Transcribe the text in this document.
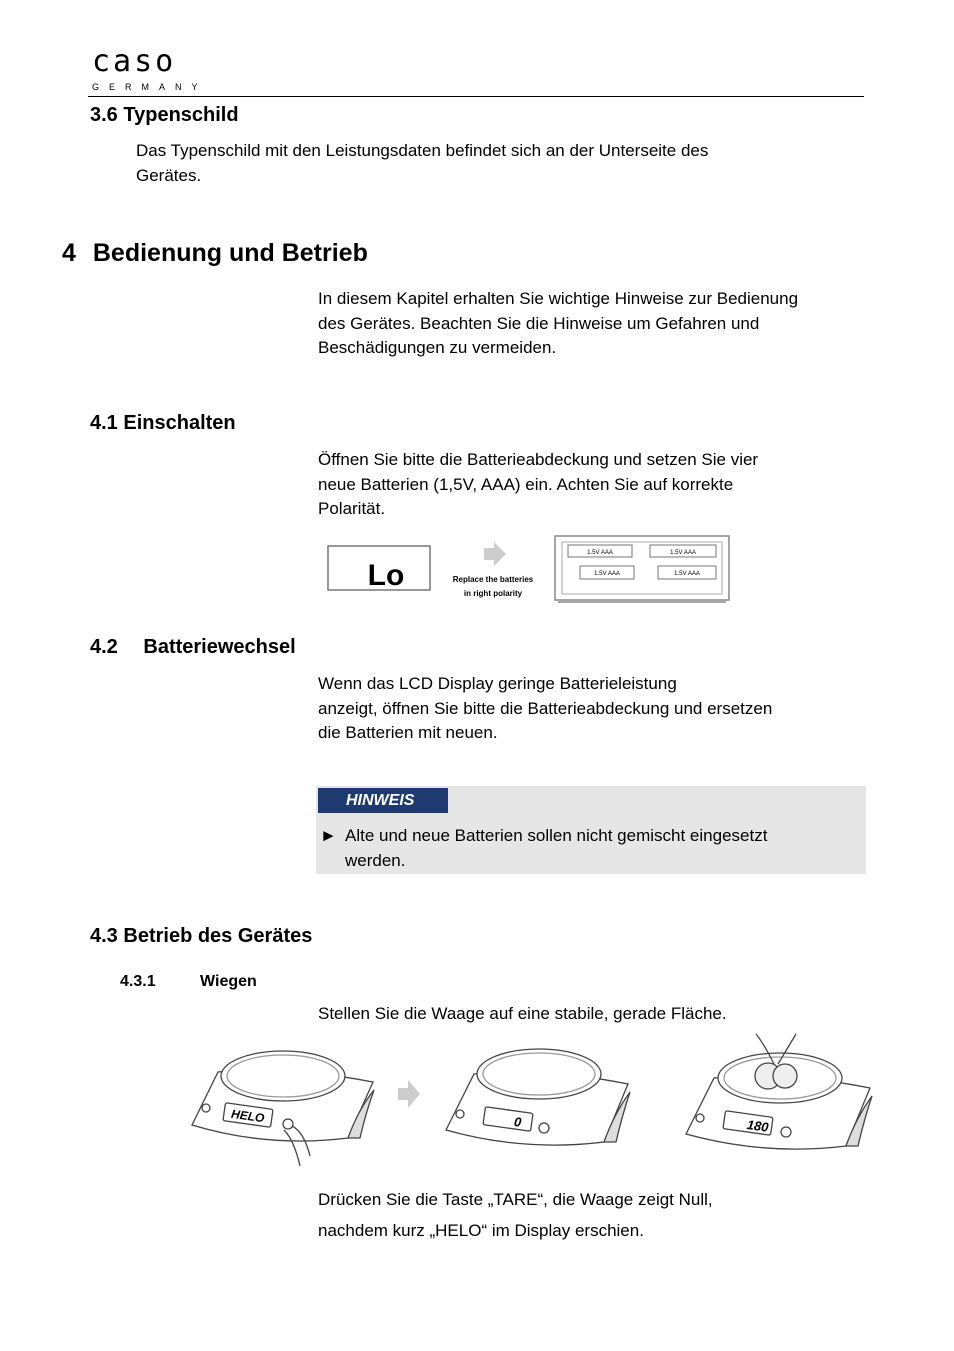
caso
GERMANY
3.6 Typenschild
Das Typenschild mit den Leistungsdaten befindet sich an der Unterseite des
Gerätes.
4 Bedienung und Betrieb
In diesem Kapitel erhalten Sie wichtige Hinweise zur Bedienung
des Gerätes. Beachten Sie die Hinweise um Gefahren und
Beschädigungen zu vermeiden.
4.1 Einschalten
Öffnen Sie bitte die Batterieabdeckung und setzen Sie vier
neue Batterien (1,5V, AAA) ein. Achten Sie auf korrekte
Polarität.
Lo	Replace the batteries
in right polarity
1.5V AAA	1.5V AAA
1.5V AAA	1.5V AAA
4.2 Batteriewechsel
Wenn das LCD Display geringe Batterieleistung
anzeigt, öffnen Sie bitte die Batterieabdeckung und ersetzen
die Batterien mit neuen.
HINWEIS
► Alte und neue Batterien sollen nicht gemischt eingesetzt
werden.
4.3 Betrieb des Gerätes
4.3.1	Wiegen
Stellen Sie die Waage auf eine stabile, gerade Fläche.
HELO	0	180
Drücken Sie die Taste „TARE“, die Waage zeigt Null,
nachdem kurz „HELO“ im Display erschien.
